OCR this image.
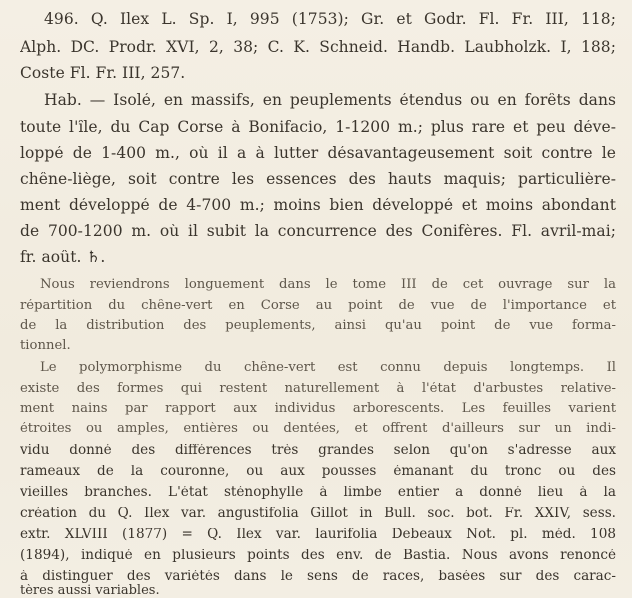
496. Q. Ilex L. Sp. I, 995 (1753); Gr. et Godr. Fl. Fr. III, 118;
Alph. DC. Prodr. XVI, 2, 38; C. K. Schneid. Handb. Laubholzk. I, 188;
Coste Fl. Fr. III, 257.
Hab. — Isolé, en massifs, en peuplements étendus ou en forêts dans
toute l'île, du Cap Corse à Bonifacio, 1-1200 m.; plus rare et peu déve-
loppé de 1-400 m., où il a à lutter désavantageusement soit contre le
chêne-liège, soit contre les essences des hauts maquis; particulière-
ment développé de 4-700 m.; moins bien développé et moins abondant
de 700-1200 m. où il subit la concurrence des Conifères. Fl. avril-mai;
fr. août. ♄.
Nous reviendrons longuement dans le tome III de cet ouvrage sur la
répartition du chêne-vert en Corse au point de vue de l'importance et
de la distribution des peuplements, ainsi qu'au point de vue forma-
tionnel.
Le polymorphisme du chêne-vert est connu depuis longtemps. Il
existe des formes qui restent naturellement à l'état d'arbustes relative-
ment nains par rapport aux individus arborescents. Les feuilles varient
étroites ou amples, entières ou dentées, et offrent d'ailleurs sur un indi-
vidu donné des différences très grandes selon qu'on s'adresse aux
rameaux de la couronne, ou aux pousses émanant du tronc ou des
vieilles branches. L'état sténophylle à limbe entier a donné lieu à la
création du Q. Ilex var. angustifolia Gillot in Bull. soc. bot. Fr. XXIV, sess.
extr. XLVIII (1877) = Q. Ilex var. laurifolia Debeaux Not. pl. méd. 108
(1894), indiqué en plusieurs points des env. de Bastia. Nous avons renoncé
à distinguer des variétés dans le sens de races, basées sur des carac-
tères aussi variables.
